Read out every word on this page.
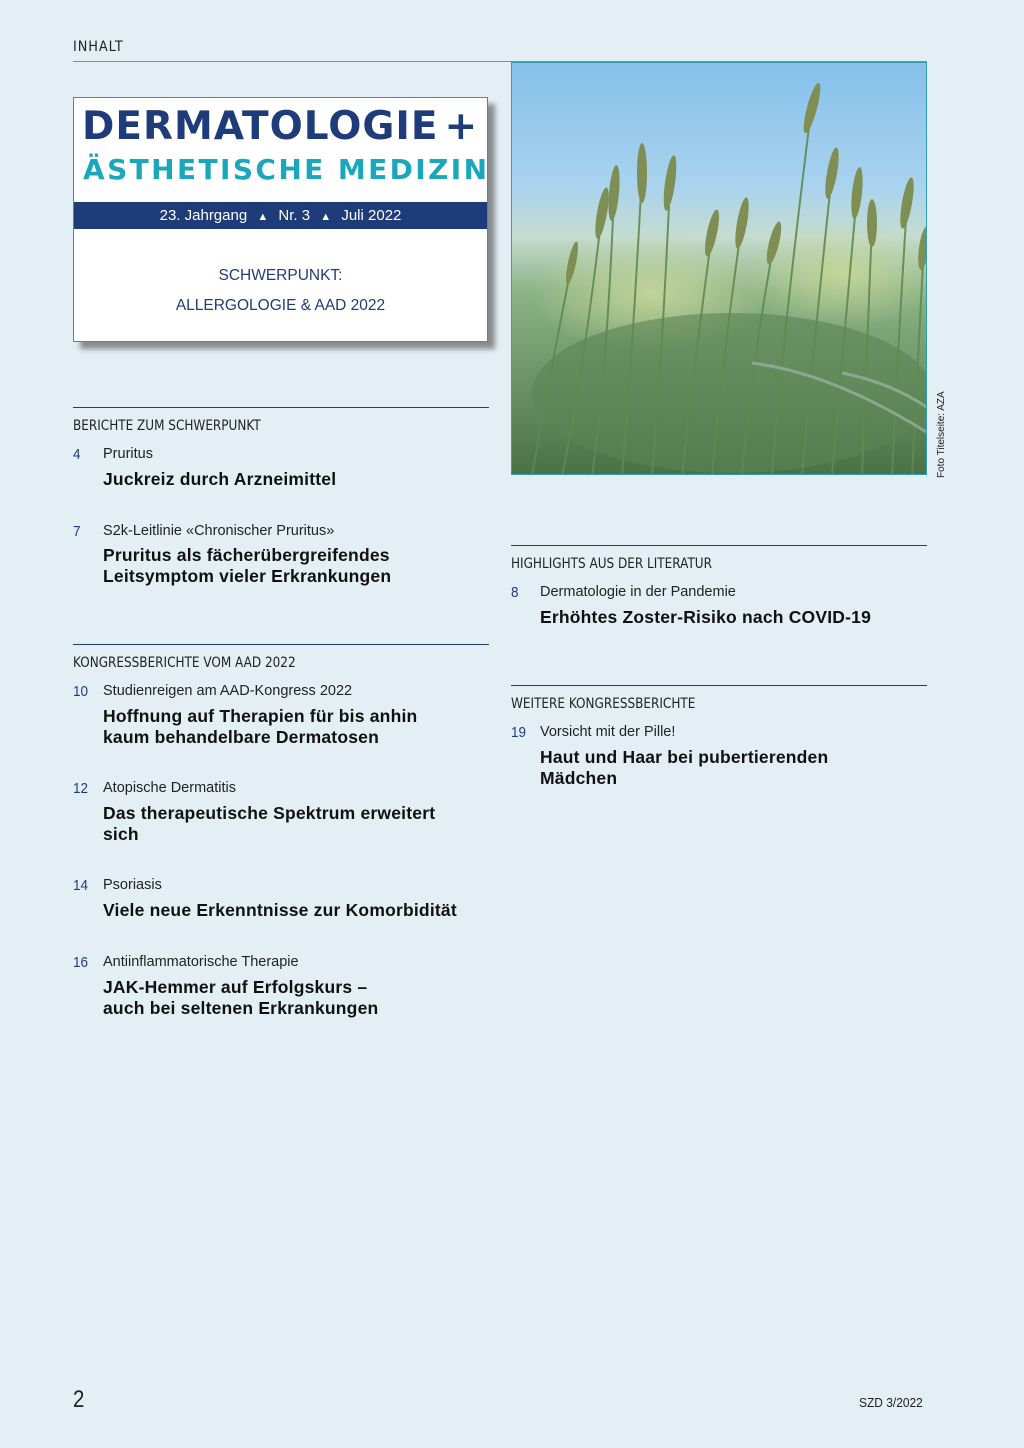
INHALT
DERMATOLOGIE +
ÄSTHETISCHE MEDIZIN
23. Jahrgang ▲ Nr. 3 ▲ Juli 2022
SCHWERPUNKT:
ALLERGOLOGIE & AAD 2022
Foto Titelseite: AZA
BERICHTE ZUM SCHWERPUNKT
4 Pruritus
Juckreiz durch Arzneimittel
7 S2k-Leitlinie «Chronischer Pruritus»
Pruritus als fächerübergreifendes
Leitsymptom vieler Erkrankungen
KONGRESSBERICHTE VOM AAD 2022
10 Studienreigen am AAD-Kongress 2022
Hoffnung auf Therapien für bis anhin
kaum behandelbare Dermatosen
12 Atopische Dermatitis
Das therapeutische Spektrum erweitert
sich
14 Psoriasis
Viele neue Erkenntnisse zur Komorbidität
16 Antiinflammatorische Therapie
JAK-Hemmer auf Erfolgskurs –
auch bei seltenen Erkrankungen
HIGHLIGHTS AUS DER LITERATUR
8 Dermatologie in der Pandemie
Erhöhtes Zoster-Risiko nach COVID-19
WEITERE KONGRESSBERICHTE
19 Vorsicht mit der Pille!
Haut und Haar bei pubertierenden
Mädchen
2	SZD 3/2022
